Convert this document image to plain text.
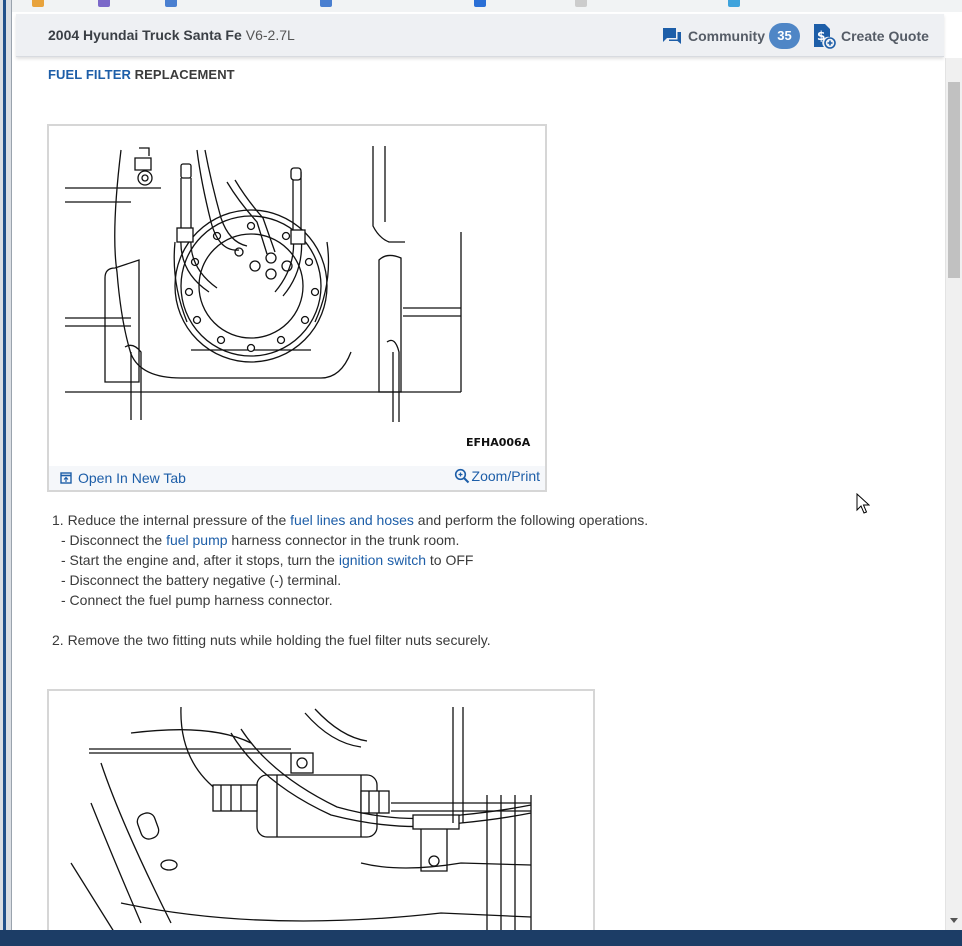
2004 Hyundai Truck Santa Fe V6-2.7L	Community 35	$ Create Quote
FUEL FILTER REPLACEMENT
EFHA006A
Open In New Tab	Zoom/Print
1. Reduce the internal pressure of the fuel lines and hoses and perform the following operations.
- Disconnect the fuel pump harness connector in the trunk room.
- Start the engine and, after it stops, turn the ignition switch to OFF
- Disconnect the battery negative (-) terminal.
- Connect the fuel pump harness connector.
2. Remove the two fitting nuts while holding the fuel filter nuts securely.
